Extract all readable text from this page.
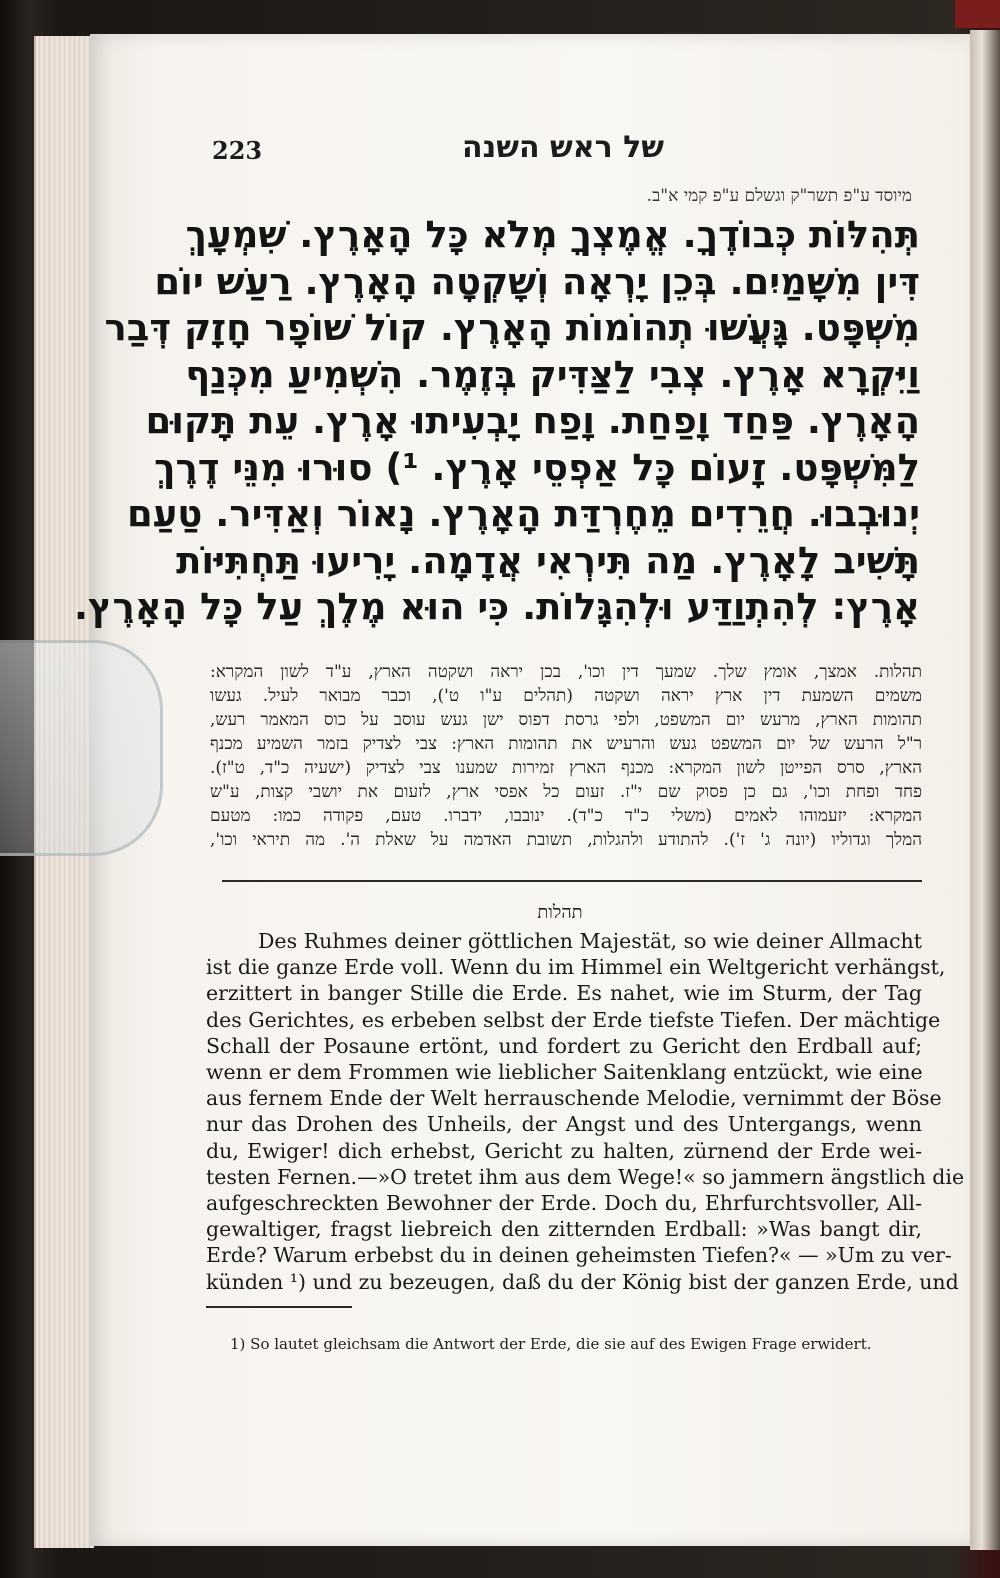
223	של ראש השנה
מיוסד ע"פ תשר"ק וגשלם ע"פ קמי א"ב.
תְּהִלּוֹת כְּבוֹדֶךָ. אֱמֶצְךָ מְלֹא כָּל הָאָרֶץ. שִׁמְעָךְ
דִּין מִשָּׁמַיִם. בְּכֵן יָרְאָה וְשָׁקְטָה הָאָרֶץ. רַעַשׁ יוֹם
מִשְׁפָּט. גָּעֲשׁוּ תְהוֹמוֹת הָאָרֶץ. קוֹל שׁוֹפָר חָזָק דְּבַר
וַיִּקְרָא אָרֶץ. צְבִי לַצַּדִּיק בְּזֶמֶר. הִשְׁמִיעַ מִכְּנַף
הָאָרֶץ. פַּחַד וָפַחַת. וָפַח יָבְעִיתוּ אָרֶץ. עֵת תָּקוּם
לַמִּשְׁפָּט. זָעוֹם כָּל אַפְסֵי אָרֶץ. ¹) סוּרוּ מִנֵּי דֶרֶךְ
יְנוּבְבוּ. חֲרֵדִים מֵחֶרְדַּת הָאָרֶץ. נָאוֹר וְאַדִּיר. טַעַם
תָּשִׁיב לָאָרֶץ. מַה תִּירְאִי אֲדָמָה. יָרִיעוּ תַּחְתִּיּוֹת
אָרֶץ: לְהִתְוַדַּע וּלְהִגָּלוֹת. כִּי הוּא מֶלֶךְ עַל כָּל הָאָרֶץ.
תהלות. אמצך, אומץ שלך. שמעך דין וכו', בכן יראה ושקטה הארץ, ע"ד לשון המקרא:
משמים השמעת דין ארץ יראה ושקטה (תהלים ע"ו ט'), וכבר מבואר לעיל. געשו
תהומות הארץ, מרעש יום המשפט, ולפי גרסת דפוס ישן געש עוסב על כוס המאמר רעש,
ר"ל הרעש של יום המשפט געש והרעיש את תהומות הארץ: צבי לצדיק בזמר השמיע מכנף
הארץ, סרס הפייטן לשון המקרא: מכנף הארץ זמירות שמענו צבי לצדיק (ישעיה כ"ד, ט"ז).
פחד ופחת וכו', גם כן פסוק שם י"ז. זעום כל אפסי ארץ, לזעום את יושבי קצות, ע"ש
המקרא: יזעמוהו לאמים (משלי כ"ד כ"ד). ינובבו, ידברו. טעם, פקודה כמו: מטעם
המלך וגדוליו (יונה ג' ז'). להתודע ולהגלות, תשובת האדמה על שאלת ה'. מה תיראי וכו',
תהלות
Des Ruhmes deiner göttlichen Majestät, so wie deiner Allmacht
ist die ganze Erde voll. Wenn du im Himmel ein Weltgericht verhängst,
erzittert in banger Stille die Erde. Es nahet, wie im Sturm, der Tag
des Gerichtes, es erbeben selbst der Erde tiefste Tiefen. Der mächtige
Schall der Posaune ertönt, und fordert zu Gericht den Erdball auf;
wenn er dem Frommen wie lieblicher Saitenklang entzückt, wie eine
aus fernem Ende der Welt herrauschende Melodie, vernimmt der Böse
nur das Drohen des Unheils, der Angst und des Untergangs, wenn
du, Ewiger! dich erhebst, Gericht zu halten, zürnend der Erde wei-
testen Fernen.—»O tretet ihm aus dem Wege!« so jammern ängstlich die
aufgeschreckten Bewohner der Erde. Doch du, Ehrfurchtsvoller, All-
gewaltiger, fragst liebreich den zitternden Erdball: »Was bangt dir,
Erde? Warum erbebst du in deinen geheimsten Tiefen?« — »Um zu ver-
künden ¹) und zu bezeugen, daß du der König bist der ganzen Erde, und
1) So lautet gleichsam die Antwort der Erde, die sie auf des Ewigen Frage erwidert.
